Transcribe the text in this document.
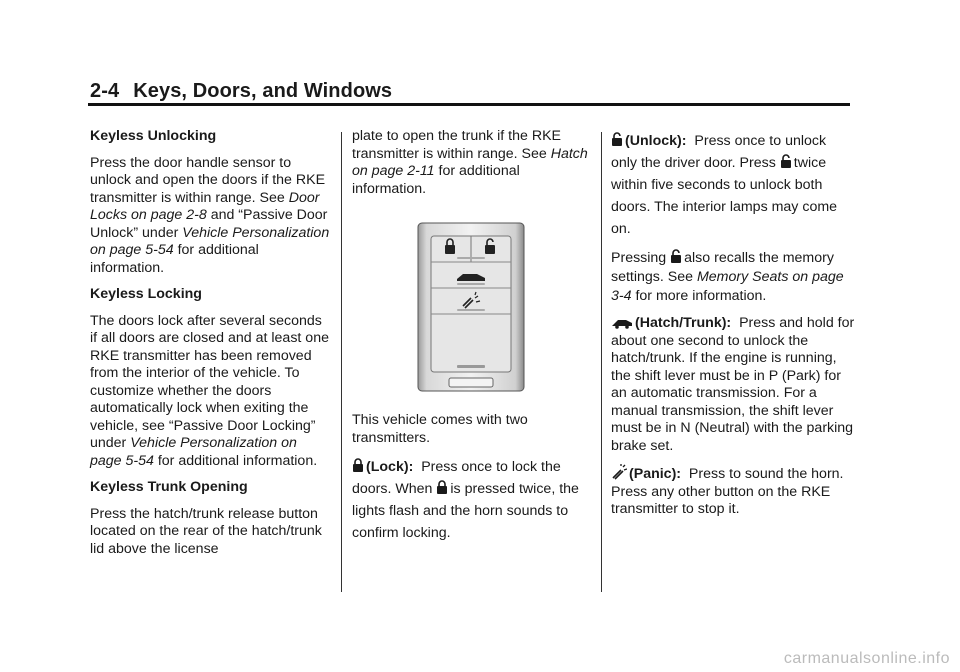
2-4 Keys, Doors, and Windows

Keyless Unlocking

Press the door handle sensor to unlock and open the doors if the RKE transmitter is within range. See Door Locks on page 2-8 and “Passive Door Unlock” under Vehicle Personalization on page 5-54 for additional information.

Keyless Locking

The doors lock after several seconds if all doors are closed and at least one RKE transmitter has been removed from the interior of the vehicle. To customize whether the doors automatically lock when exiting the vehicle, see “Passive Door Locking” under Vehicle Personalization on page 5-54 for additional information.

Keyless Trunk Opening

Press the hatch/trunk release button located on the rear of the hatch/trunk lid above the license

plate to open the trunk if the RKE transmitter is within range. See Hatch on page 2-11 for additional information.

This vehicle comes with two transmitters.

(Lock): Press once to lock the doors. When is pressed twice, the lights flash and the horn sounds to confirm locking.

(Unlock): Press once to unlock only the driver door. Press twice within five seconds to unlock both doors. The interior lamps may come on.

Pressing also recalls the memory settings. See Memory Seats on page 3-4 for more information.

(Hatch/Trunk): Press and hold for about one second to unlock the hatch/trunk. If the engine is running, the shift lever must be in P (Park) for an automatic transmission. For a manual transmission, the shift lever must be in N (Neutral) with the parking brake set.

(Panic): Press to sound the horn. Press any other button on the RKE transmitter to stop it.

carmanualsonline.info
